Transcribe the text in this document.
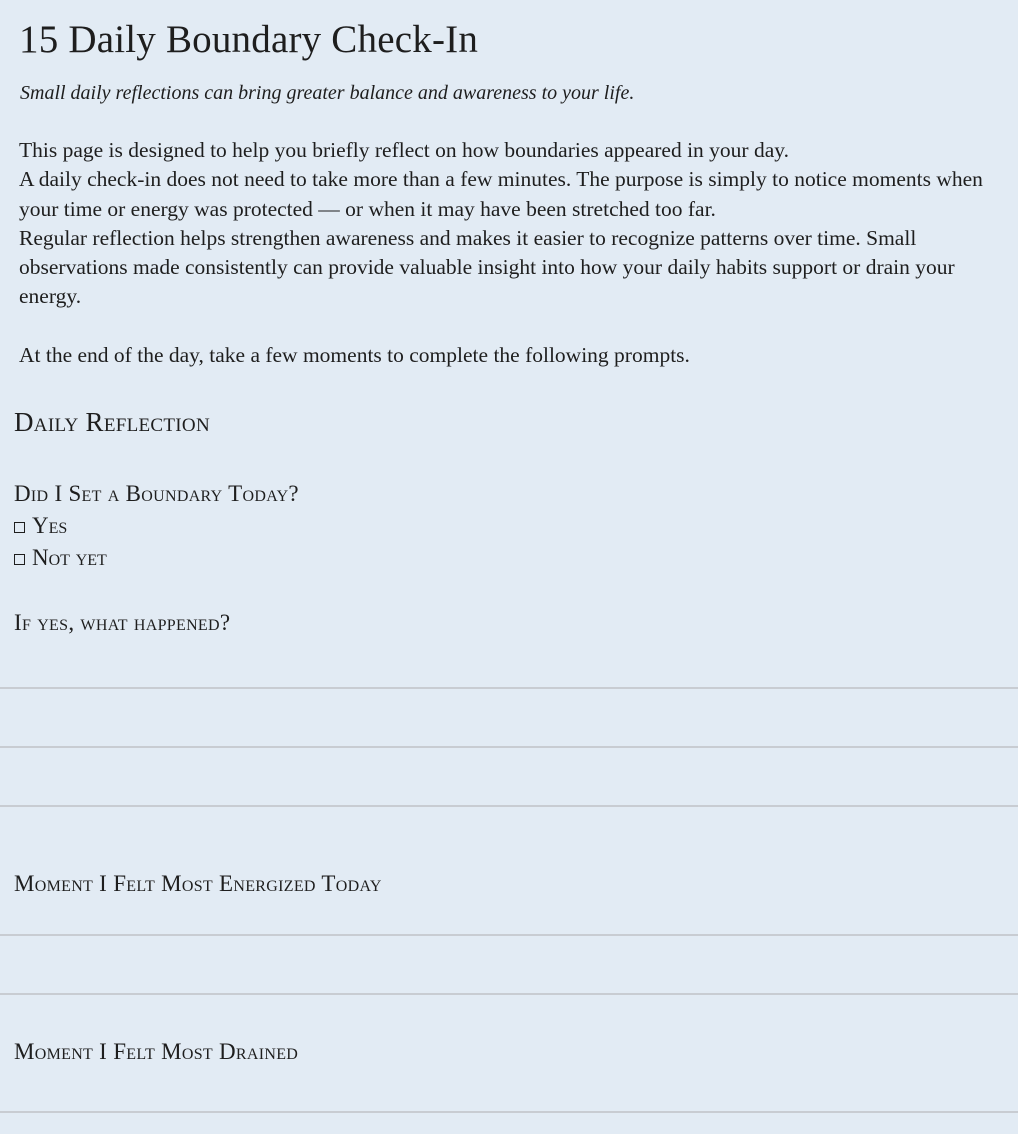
15 Daily Boundary Check-In

Small daily reflections can bring greater balance and awareness to your life.

This page is designed to help you briefly reflect on how boundaries appeared in your day.

A daily check-in does not need to take more than a few minutes. The purpose is simply to notice moments when your time or energy was protected — or when it may have been stretched too far.

Regular reflection helps strengthen awareness and makes it easier to recognize patterns over time. Small observations made consistently can provide valuable insight into how your daily habits support or drain your energy.

At the end of the day, take a few moments to complete the following prompts.

Daily Reflection
Did I Set a Boundary Today?
Yes
Not yet
If yes, what happened?
Moment I Felt Most Energized Today
Moment I Felt Most Drained
